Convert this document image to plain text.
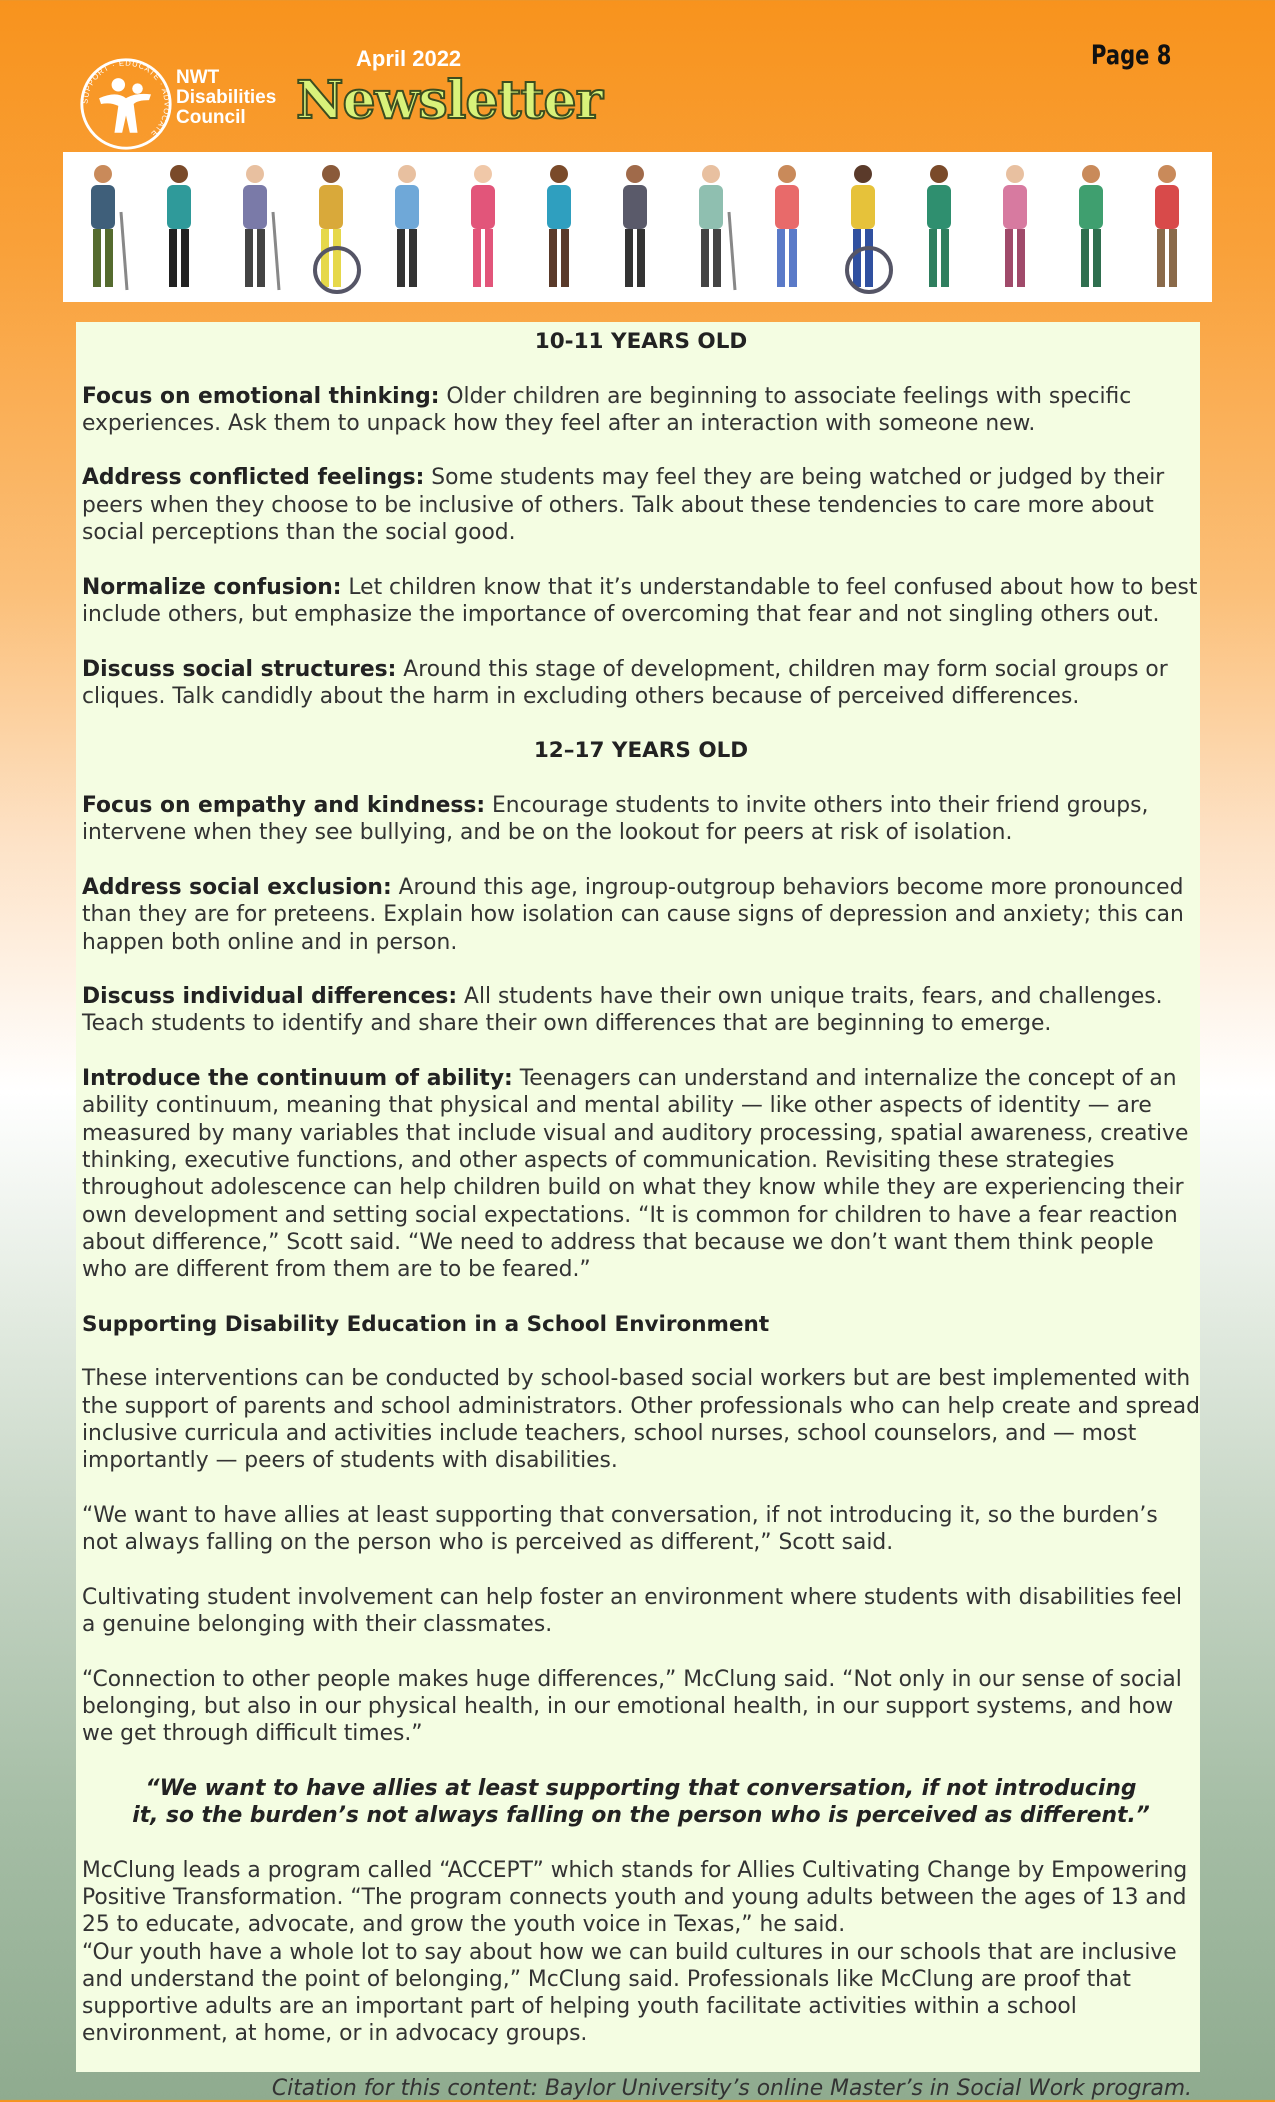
SUPPORT · EDUCATE · ADVOCATE
NWT
Disabilities
Council
April 2022
Newsletter
Page 8

10-11 YEARS OLD

Focus on emotional thinking: Older children are beginning to associate feelings with specific experiences. Ask them to unpack how they feel after an interaction with someone new.

Address conflicted feelings: Some students may feel they are being watched or judged by their peers when they choose to be inclusive of others. Talk about these tendencies to care more about social perceptions than the social good.

Normalize confusion: Let children know that it’s understandable to feel confused about how to best include others, but emphasize the importance of overcoming that fear and not singling others out.

Discuss social structures: Around this stage of development, children may form social groups or cliques. Talk candidly about the harm in excluding others because of perceived differences.

12–17 YEARS OLD

Focus on empathy and kindness: Encourage students to invite others into their friend groups, intervene when they see bullying, and be on the lookout for peers at risk of isolation.

Address social exclusion: Around this age, ingroup-outgroup behaviors become more pronounced than they are for preteens. Explain how isolation can cause signs of depression and anxiety; this can happen both online and in person.

Discuss individual differences: All students have their own unique traits, fears, and challenges. Teach students to identify and share their own differences that are beginning to emerge.

Introduce the continuum of ability: Teenagers can understand and internalize the concept of an ability continuum, meaning that physical and mental ability — like other aspects of identity — are measured by many variables that include visual and auditory processing, spatial awareness, creative thinking, executive functions, and other aspects of communication. Revisiting these strategies throughout adolescence can help children build on what they know while they are experiencing their own development and setting social expectations. “It is common for children to have a fear reaction about difference,” Scott said. “We need to address that because we don’t want them think people who are different from them are to be feared.”

Supporting Disability Education in a School Environment

These interventions can be conducted by school-based social workers but are best implemented with the support of parents and school administrators. Other professionals who can help create and spread inclusive curricula and activities include teachers, school nurses, school counselors, and — most importantly — peers of students with disabilities.

“We want to have allies at least supporting that conversation, if not introducing it, so the burden’s not always falling on the person who is perceived as different,” Scott said.

Cultivating student involvement can help foster an environment where students with disabilities feel a genuine belonging with their classmates.

“Connection to other people makes huge differences,” McClung said. “Not only in our sense of social belonging, but also in our physical health, in our emotional health, in our support systems, and how we get through difficult times.”

“We want to have allies at least supporting that conversation, if not introducing it, so the burden’s not always falling on the person who is perceived as different.”

McClung leads a program called “ACCEPT” which stands for Allies Cultivating Change by Empowering Positive Transformation. “The program connects youth and young adults between the ages of 13 and 25 to educate, advocate, and grow the youth voice in Texas,” he said.

“Our youth have a whole lot to say about how we can build cultures in our schools that are inclusive and understand the point of belonging,” McClung said. Professionals like McClung are proof that supportive adults are an important part of helping youth facilitate activities within a school environment, at home, or in advocacy groups.

Citation for this content: Baylor University’s online Master’s in Social Work program.
